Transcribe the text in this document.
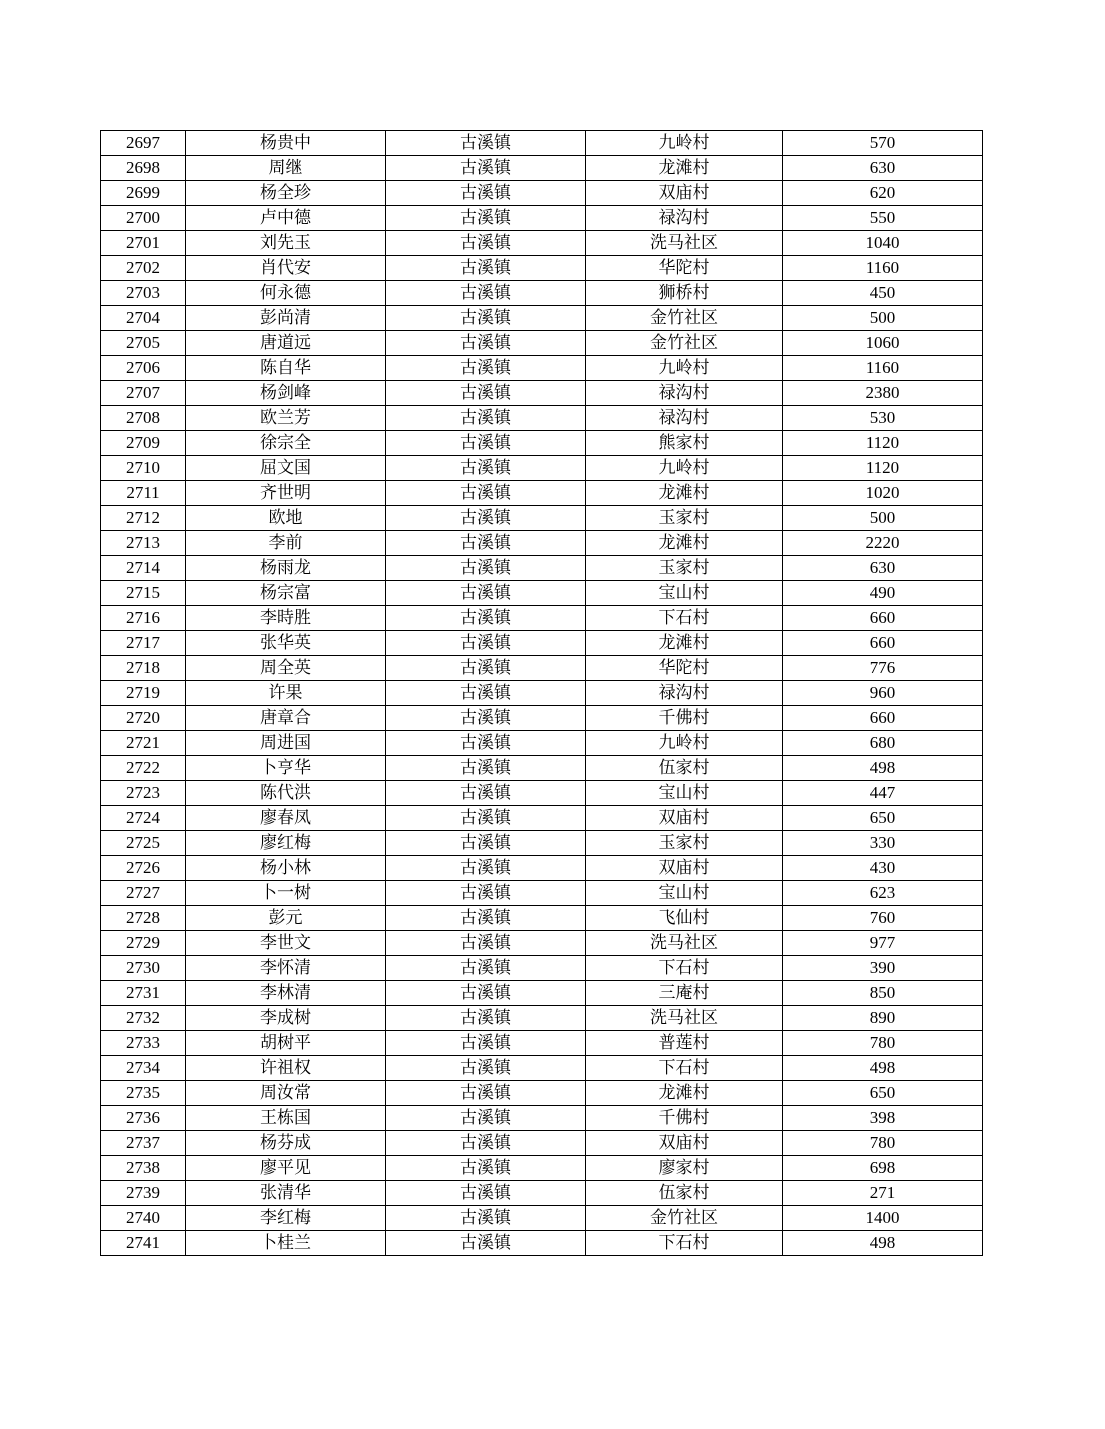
2697	杨贵中	古溪镇	九岭村	570
2698	周继	古溪镇	龙滩村	630
2699	杨全珍	古溪镇	双庙村	620
2700	卢中德	古溪镇	禄沟村	550
2701	刘先玉	古溪镇	洗马社区	1040
2702	肖代安	古溪镇	华陀村	1160
2703	何永德	古溪镇	狮桥村	450
2704	彭尚清	古溪镇	金竹社区	500
2705	唐道远	古溪镇	金竹社区	1060
2706	陈自华	古溪镇	九岭村	1160
2707	杨剑峰	古溪镇	禄沟村	2380
2708	欧兰芳	古溪镇	禄沟村	530
2709	徐宗全	古溪镇	熊家村	1120
2710	屈文国	古溪镇	九岭村	1120
2711	齐世明	古溪镇	龙滩村	1020
2712	欧地	古溪镇	玉家村	500
2713	李前	古溪镇	龙滩村	2220
2714	杨雨龙	古溪镇	玉家村	630
2715	杨宗富	古溪镇	宝山村	490
2716	李時胜	古溪镇	下石村	660
2717	张华英	古溪镇	龙滩村	660
2718	周全英	古溪镇	华陀村	776
2719	许果	古溪镇	禄沟村	960
2720	唐章合	古溪镇	千佛村	660
2721	周进国	古溪镇	九岭村	680
2722	卜亨华	古溪镇	伍家村	498
2723	陈代洪	古溪镇	宝山村	447
2724	廖春凤	古溪镇	双庙村	650
2725	廖红梅	古溪镇	玉家村	330
2726	杨小林	古溪镇	双庙村	430
2727	卜一树	古溪镇	宝山村	623
2728	彭元	古溪镇	飞仙村	760
2729	李世文	古溪镇	洗马社区	977
2730	李怀清	古溪镇	下石村	390
2731	李林清	古溪镇	三庵村	850
2732	李成树	古溪镇	洗马社区	890
2733	胡树平	古溪镇	普莲村	780
2734	许祖权	古溪镇	下石村	498
2735	周汝常	古溪镇	龙滩村	650
2736	王栋国	古溪镇	千佛村	398
2737	杨芬成	古溪镇	双庙村	780
2738	廖平见	古溪镇	廖家村	698
2739	张清华	古溪镇	伍家村	271
2740	李红梅	古溪镇	金竹社区	1400
2741	卜桂兰	古溪镇	下石村	498
